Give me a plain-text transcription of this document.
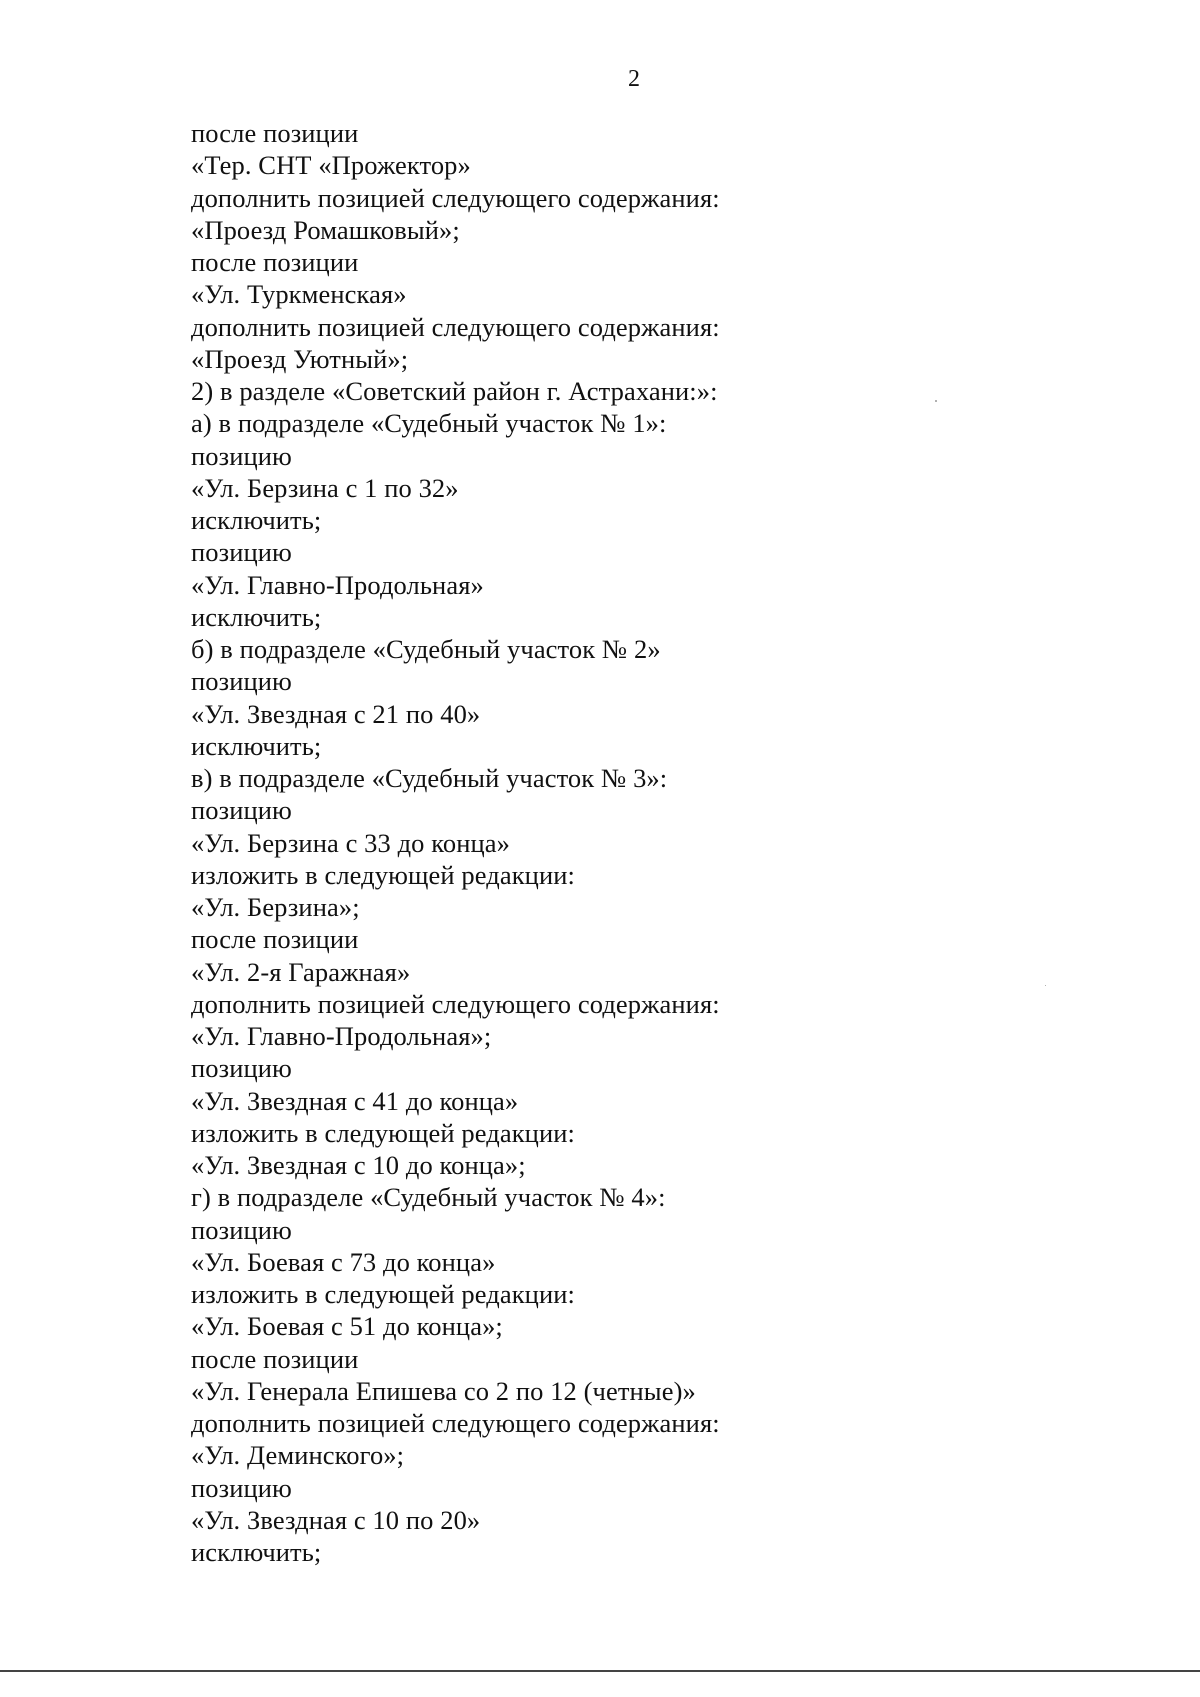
2
после позиции
«Тер. СНТ «Прожектор»
дополнить позицией следующего содержания:
«Проезд Ромашковый»;
после позиции
«Ул. Туркменская»
дополнить позицией следующего содержания:
«Проезд Уютный»;
2) в разделе «Советский район г. Астрахани:»:
а) в подразделе «Судебный участок № 1»:
позицию
«Ул. Берзина с 1 по 32»
исключить;
позицию
«Ул. Главно-Продольная»
исключить;
б) в подразделе «Судебный участок № 2»
позицию
«Ул. Звездная с 21 по 40»
исключить;
в) в подразделе «Судебный участок № 3»:
позицию
«Ул. Берзина с 33 до конца»
изложить в следующей редакции:
«Ул. Берзина»;
после позиции
«Ул. 2-я Гаражная»
дополнить позицией следующего содержания:
«Ул. Главно-Продольная»;
позицию
«Ул. Звездная с 41 до конца»
изложить в следующей редакции:
«Ул. Звездная с 10 до конца»;
г) в подразделе «Судебный участок № 4»:
позицию
«Ул. Боевая с 73 до конца»
изложить в следующей редакции:
«Ул. Боевая с 51 до конца»;
после позиции
«Ул. Генерала Епишева со 2 по 12 (четные)»
дополнить позицией следующего содержания:
«Ул. Деминского»;
позицию
«Ул. Звездная с 10 по 20»
исключить;
